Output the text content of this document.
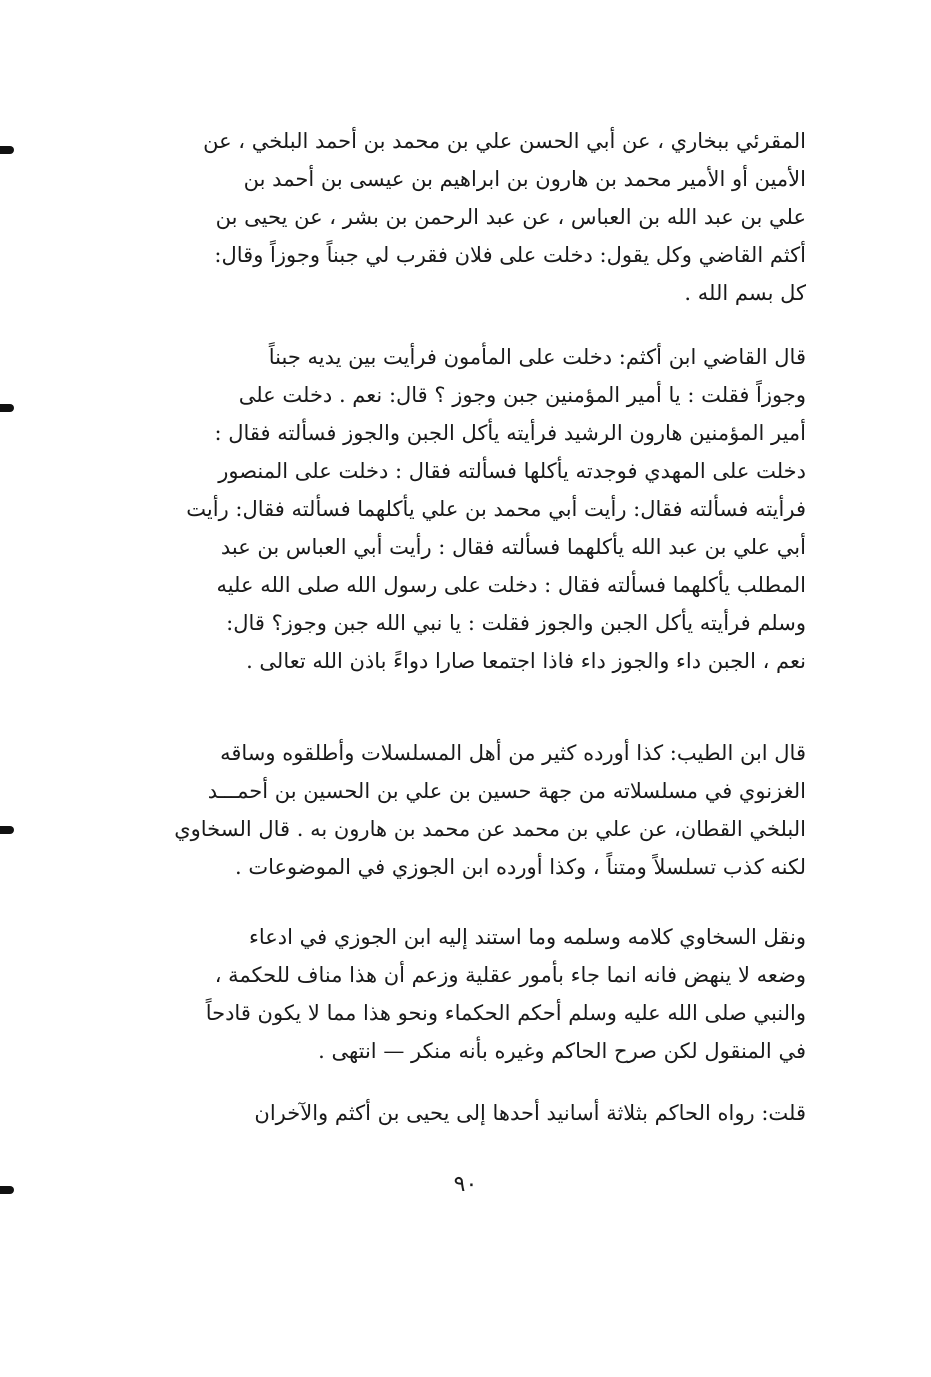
المقرئي ببخاري ، عن أبي الحسن علي بن محمد بن أحمد البلخي ، عن
الأمين أو الأمير محمد بن هارون بن ابراهيم بن عيسى بن أحمد بن
علي بن عبد الله بن العباس ، عن عبد الرحمن بن بشر ، عن يحيى بن
أكثم القاضي وكل يقول: دخلت على فلان فقرب لي جبناً وجوزاً وقال:
كل بسم الله .
قال القاضي ابن أكثم: دخلت على المأمون فرأيت بين يديه جبناً
وجوزاً فقلت : يا أمير المؤمنين جبن وجوز ؟ قال: نعم . دخلت على
أمير المؤمنين هارون الرشيد فرأيته يأكل الجبن والجوز فسألته فقال :
دخلت على المهدي فوجدته يأكلها فسألته فقال : دخلت على المنصور
فرأيته فسألته فقال: رأيت أبي محمد بن علي يأكلهما فسألته فقال: رأيت
أبي علي بن عبد الله يأكلهما فسألته فقال : رأيت أبي العباس بن عبد
المطلب يأكلهما فسألته فقال : دخلت على رسول الله صلى الله عليه
وسلم فرأيته يأكل الجبن والجوز فقلت : يا نبي الله جبن وجوز؟ قال:
نعم ، الجبن داء والجوز داء فاذا اجتمعا صارا دواءً باذن الله تعالى .
قال ابن الطيب: كذا أورده كثير من أهل المسلسلات وأطلقوه وساقه
الغزنوي في مسلسلاته من جهة حسين بن علي بن الحسين بن أحمـــد
البلخي القطان، عن علي بن محمد عن محمد بن هارون به . قال السخاوي
لكنه كذب تسلسلاً ومتناً ، وكذا أورده ابن الجوزي في الموضوعات .
ونقل السخاوي كلامه وسلمه وما استند إليه ابن الجوزي في ادعاء
وضعه لا ينهض فانه انما جاء بأمور عقلية وزعم أن هذا مناف للحكمة ،
والنبي صلى الله عليه وسلم أحكم الحكماء ونحو هذا مما لا يكون قادحاً
في المنقول لكن صرح الحاكم وغيره بأنه منكر — انتهى .
قلت: رواه الحاكم بثلاثة أسانيد أحدها إلى يحيى بن أكثم والآخران
٩٠
